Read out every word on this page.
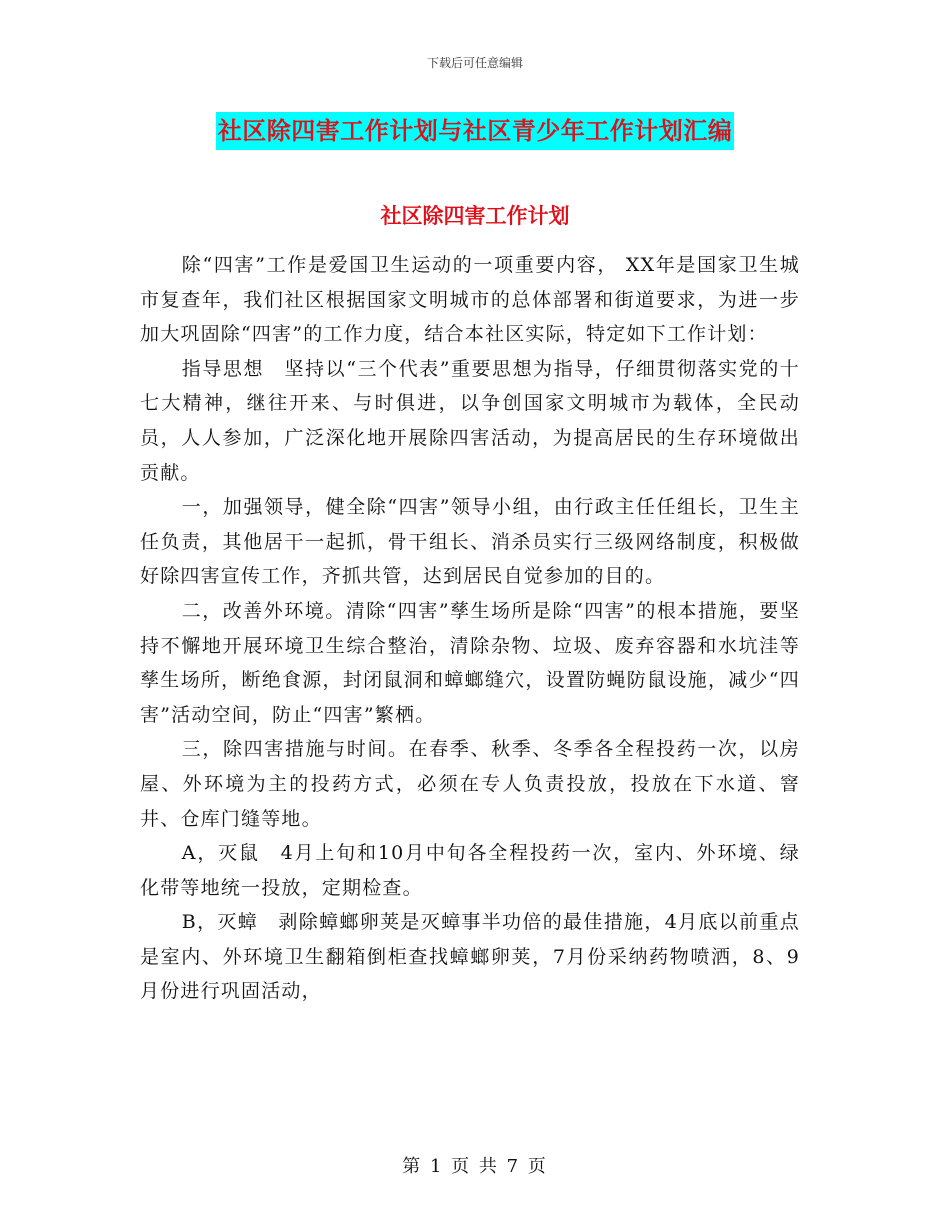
下载后可任意编辑
社区除四害工作计划与社区青少年工作计划汇编
社区除四害工作计划

除“四害”工作是爱国卫生运动的一项重要内容， XX年是国家卫生城市复查年，我们社区根据国家文明城市的总体部署和街道要求，为进一步加大巩固除“四害”的工作力度，结合本社区实际，特定如下工作计划：

指导思想　坚持以“三个代表”重要思想为指导，仔细贯彻落实党的十七大精神，继往开来、与时俱进，以争创国家文明城市为载体，全民动员，人人参加，广泛深化地开展除四害活动，为提高居民的生存环境做出贡献。

一，加强领导，健全除“四害”领导小组，由行政主任任组长，卫生主任负责，其他居干一起抓，骨干组长、消杀员实行三级网络制度，积极做好除四害宣传工作，齐抓共管，达到居民自觉参加的目的。

二，改善外环境。清除“四害”孳生场所是除“四害”的根本措施，要坚持不懈地开展环境卫生综合整治，清除杂物、垃圾、废弃容器和水坑洼等孳生场所，断绝食源，封闭鼠洞和蟑螂缝穴，设置防蝇防鼠设施，减少“四害”活动空间，防止“四害”繁栖。

三，除四害措施与时间。在春季、秋季、冬季各全程投药一次，以房屋、外环境为主的投药方式，必须在专人负责投放，投放在下水道、窨井、仓库门缝等地。

A，灭鼠　4月上旬和10月中旬各全程投药一次，室内、外环境、绿化带等地统一投放，定期检查。

B，灭蟑　剥除蟑螂卵荚是灭蟑事半功倍的最佳措施，4月底以前重点是室内、外环境卫生翻箱倒柜查找蟑螂卵荚，7月份采纳药物喷洒，8、9月份进行巩固活动，

第 1 页 共 7 页
